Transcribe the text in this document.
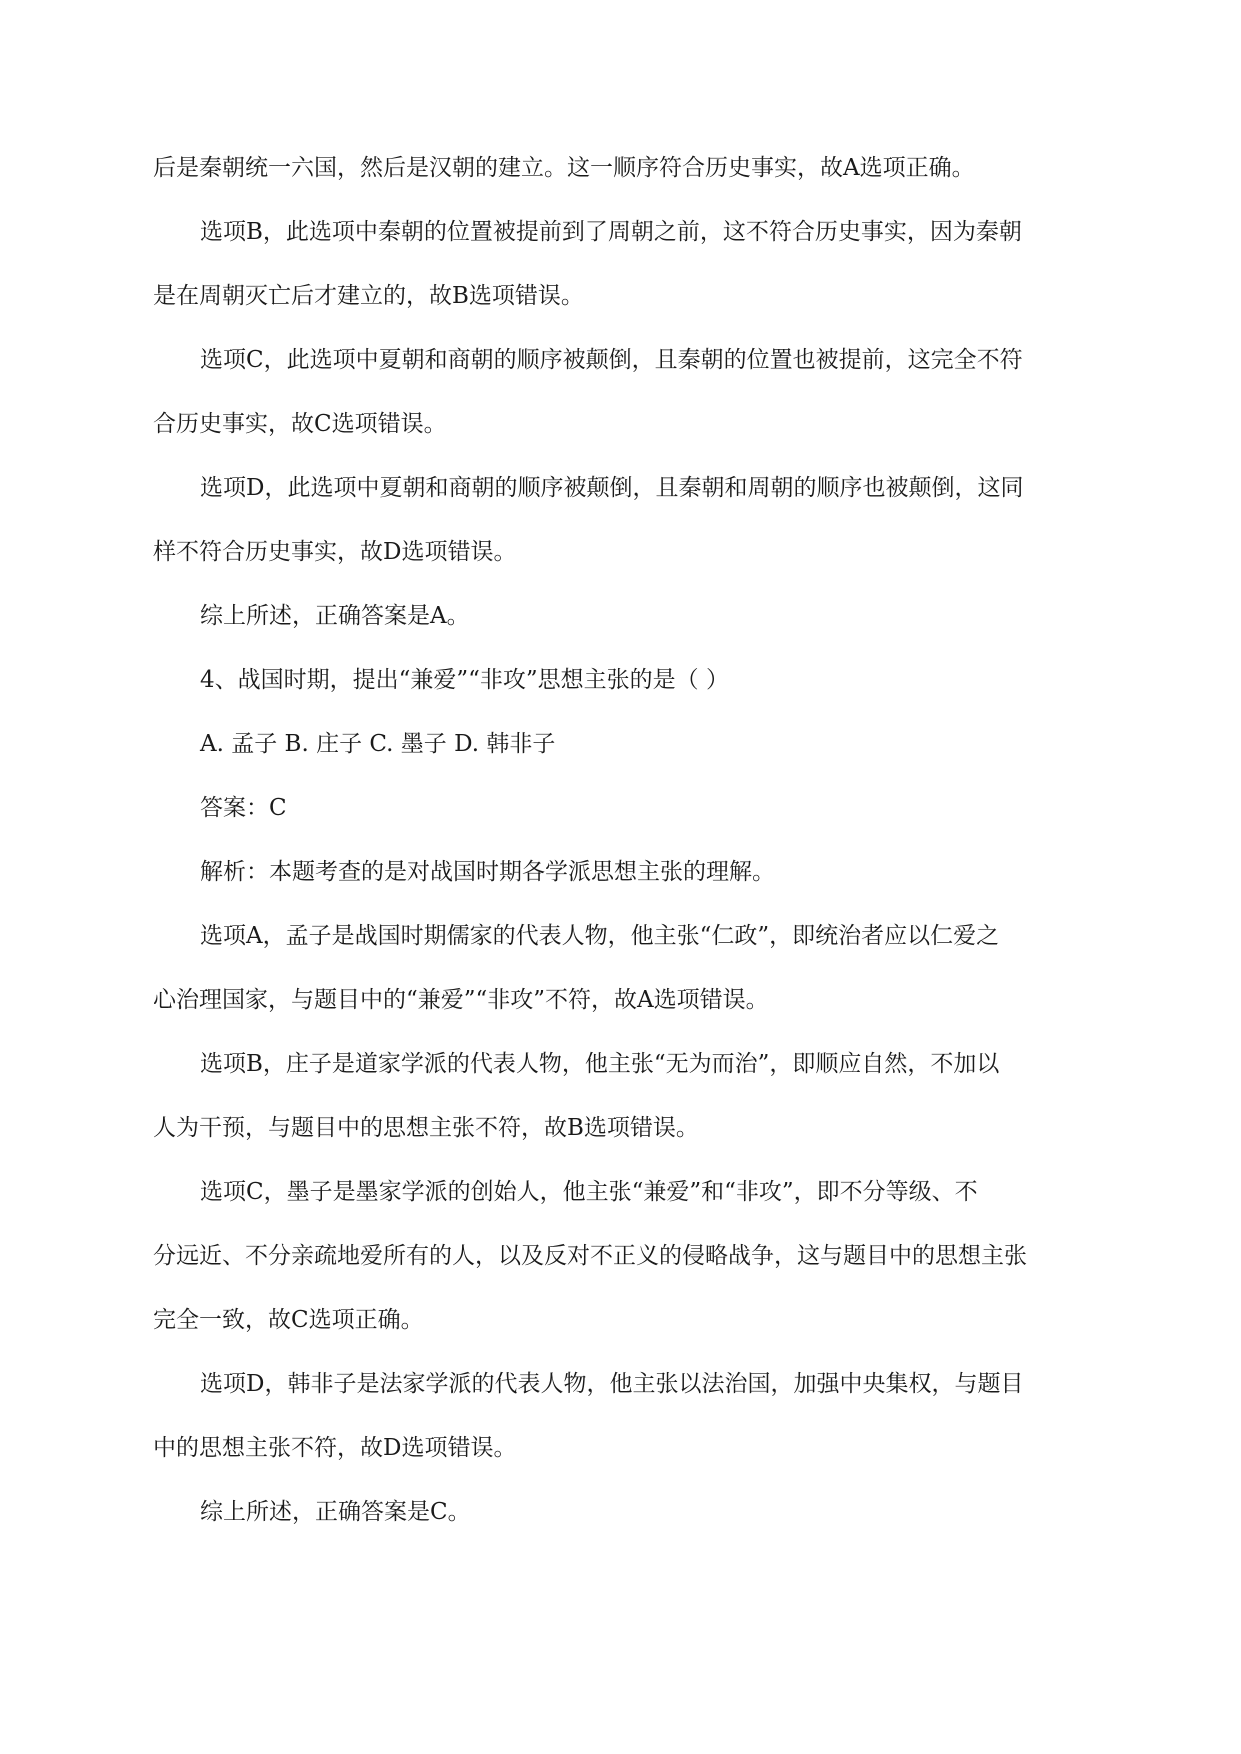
后是秦朝统一六国，然后是汉朝的建立。这一顺序符合历史事实，故A选项正确。
选项B，此选项中秦朝的位置被提前到了周朝之前，这不符合历史事实，因为秦朝
是在周朝灭亡后才建立的，故B选项错误。
选项C，此选项中夏朝和商朝的顺序被颠倒，且秦朝的位置也被提前，这完全不符
合历史事实，故C选项错误。
选项D，此选项中夏朝和商朝的顺序被颠倒，且秦朝和周朝的顺序也被颠倒，这同
样不符合历史事实，故D选项错误。
综上所述，正确答案是A。
4、战国时期，提出“兼爱”“非攻”思想主张的是（ ）
A. 孟子 B. 庄子 C. 墨子 D. 韩非子
答案：C
解析：本题考查的是对战国时期各学派思想主张的理解。
选项A，孟子是战国时期儒家的代表人物，他主张“仁政”，即统治者应以仁爱之
心治理国家，与题目中的“兼爱”“非攻”不符，故A选项错误。
选项B，庄子是道家学派的代表人物，他主张“无为而治”，即顺应自然，不加以
人为干预，与题目中的思想主张不符，故B选项错误。
选项C，墨子是墨家学派的创始人，他主张“兼爱”和“非攻”，即不分等级、不
分远近、不分亲疏地爱所有的人，以及反对不正义的侵略战争，这与题目中的思想主张
完全一致，故C选项正确。
选项D，韩非子是法家学派的代表人物，他主张以法治国，加强中央集权，与题目
中的思想主张不符，故D选项错误。
综上所述，正确答案是C。
